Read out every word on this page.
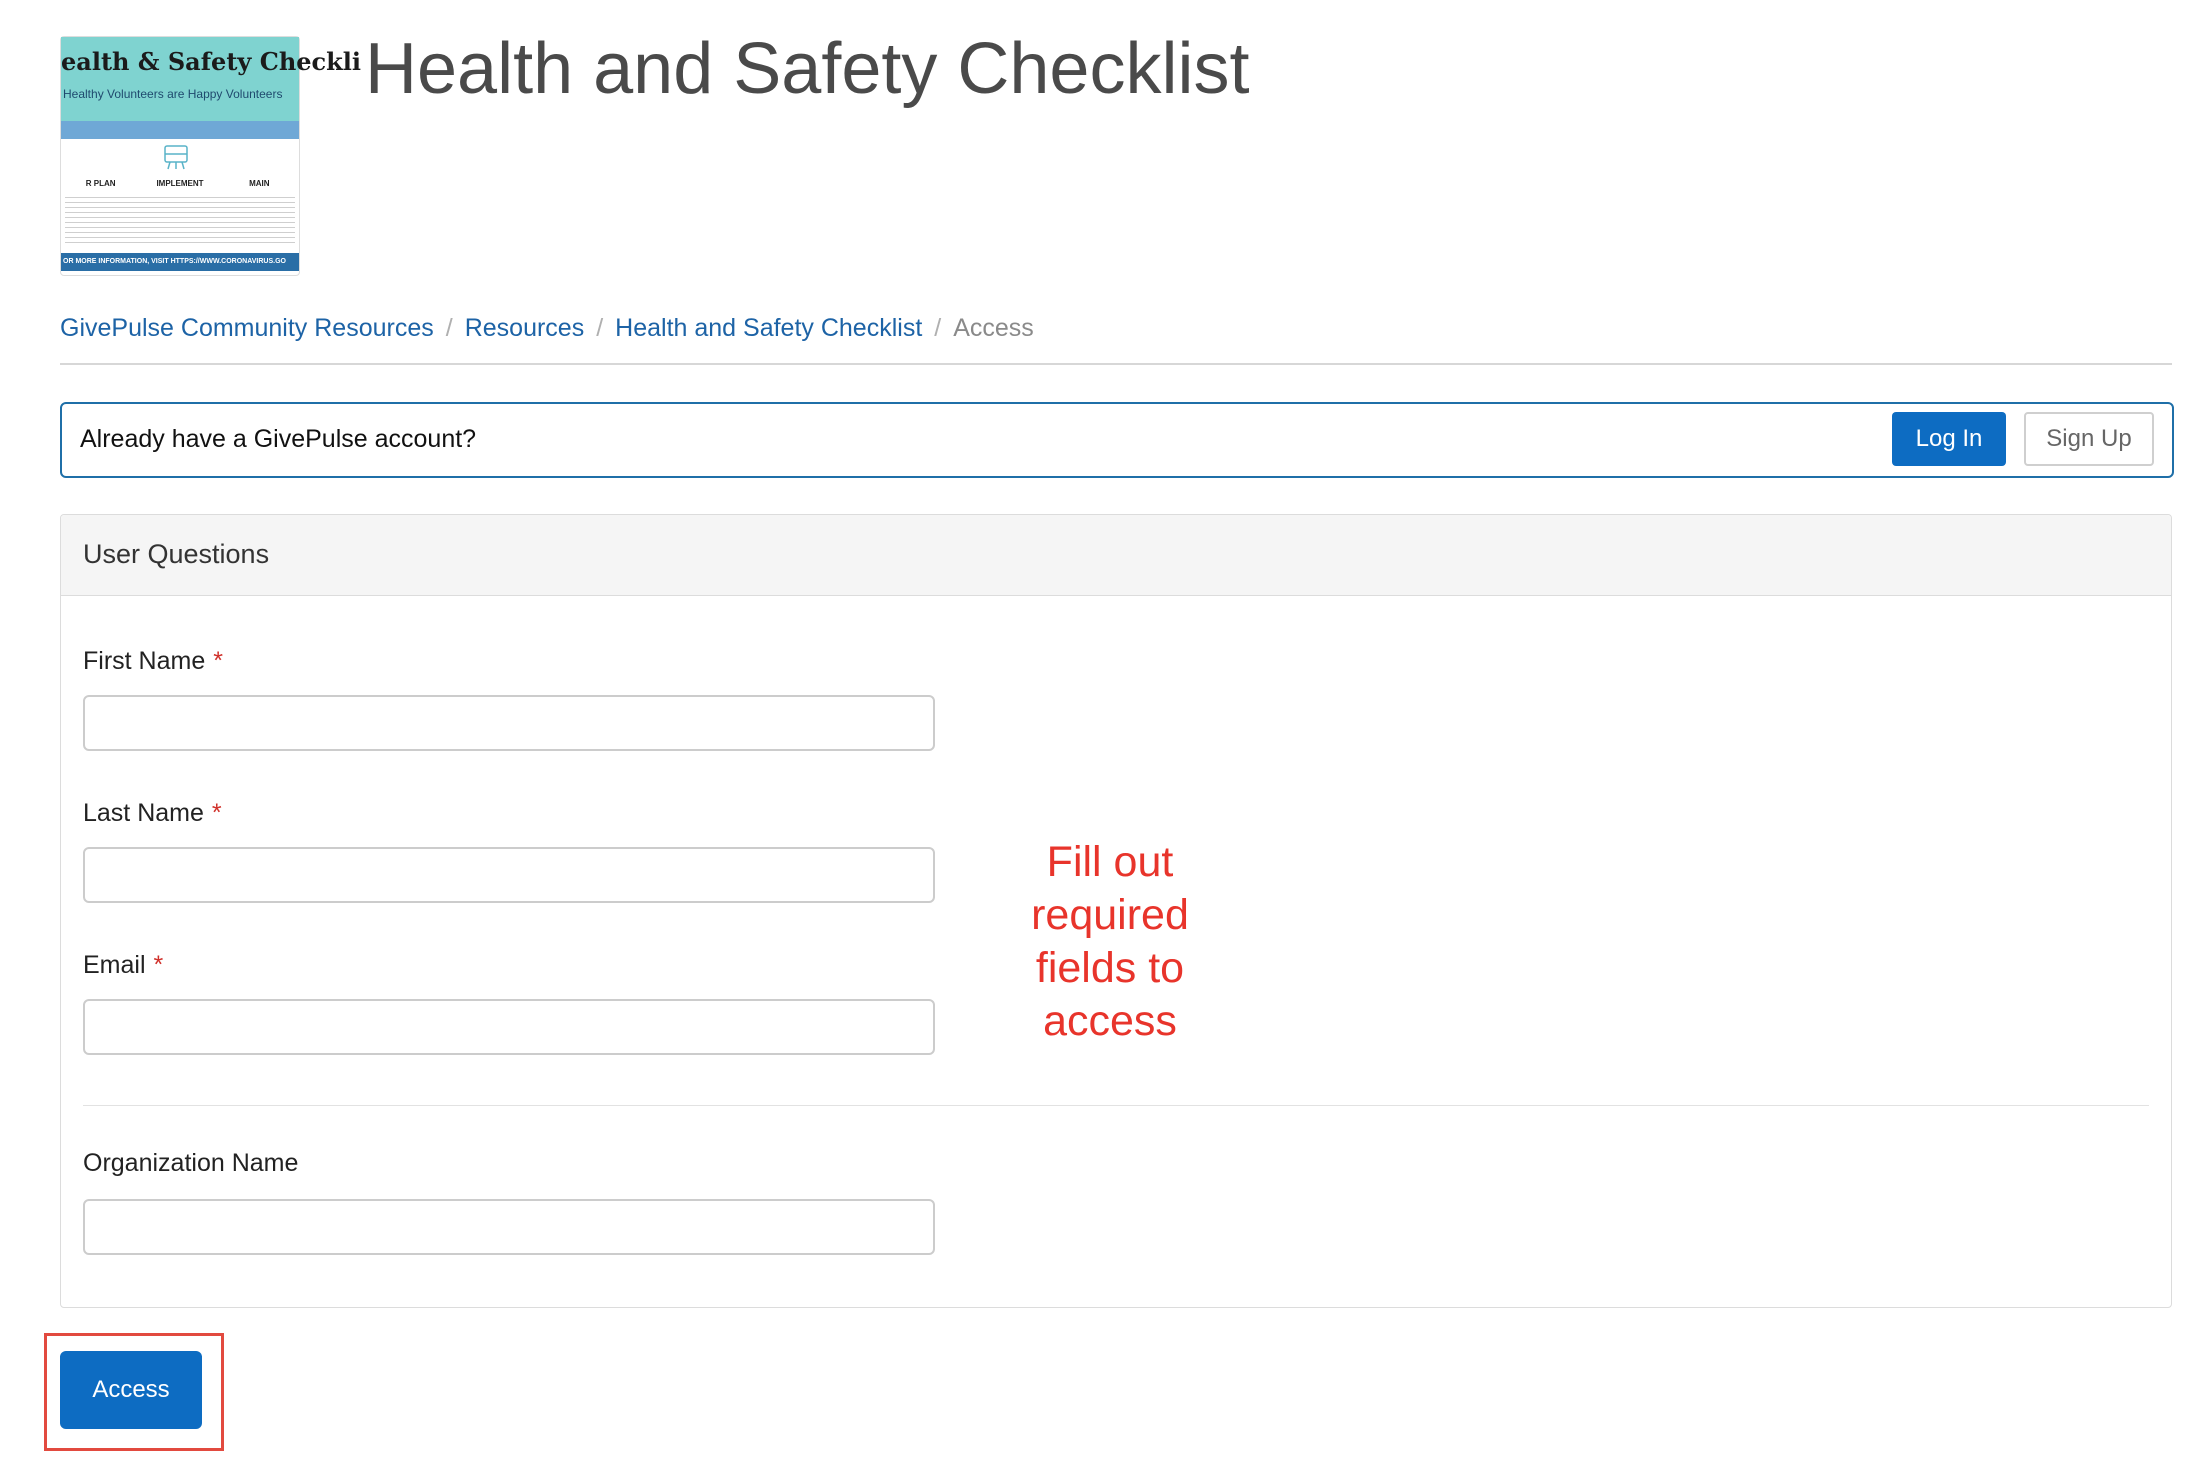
ealth & Safety Checkli
Healthy Volunteers are Happy Volunteers
R PLAN	IMPLEMENT	MAIN
OR MORE INFORMATION, VISIT HTTPS://WWW.CORONAVIRUS.GO
Health and Safety Checklist
GivePulse Community Resources / Resources / Health and Safety Checklist / Access
Already have a GivePulse account?	Log In	Sign Up
User Questions
First Name *
Last Name *
Email *
Organization Name
Fill out
required
fields to
access
Access
